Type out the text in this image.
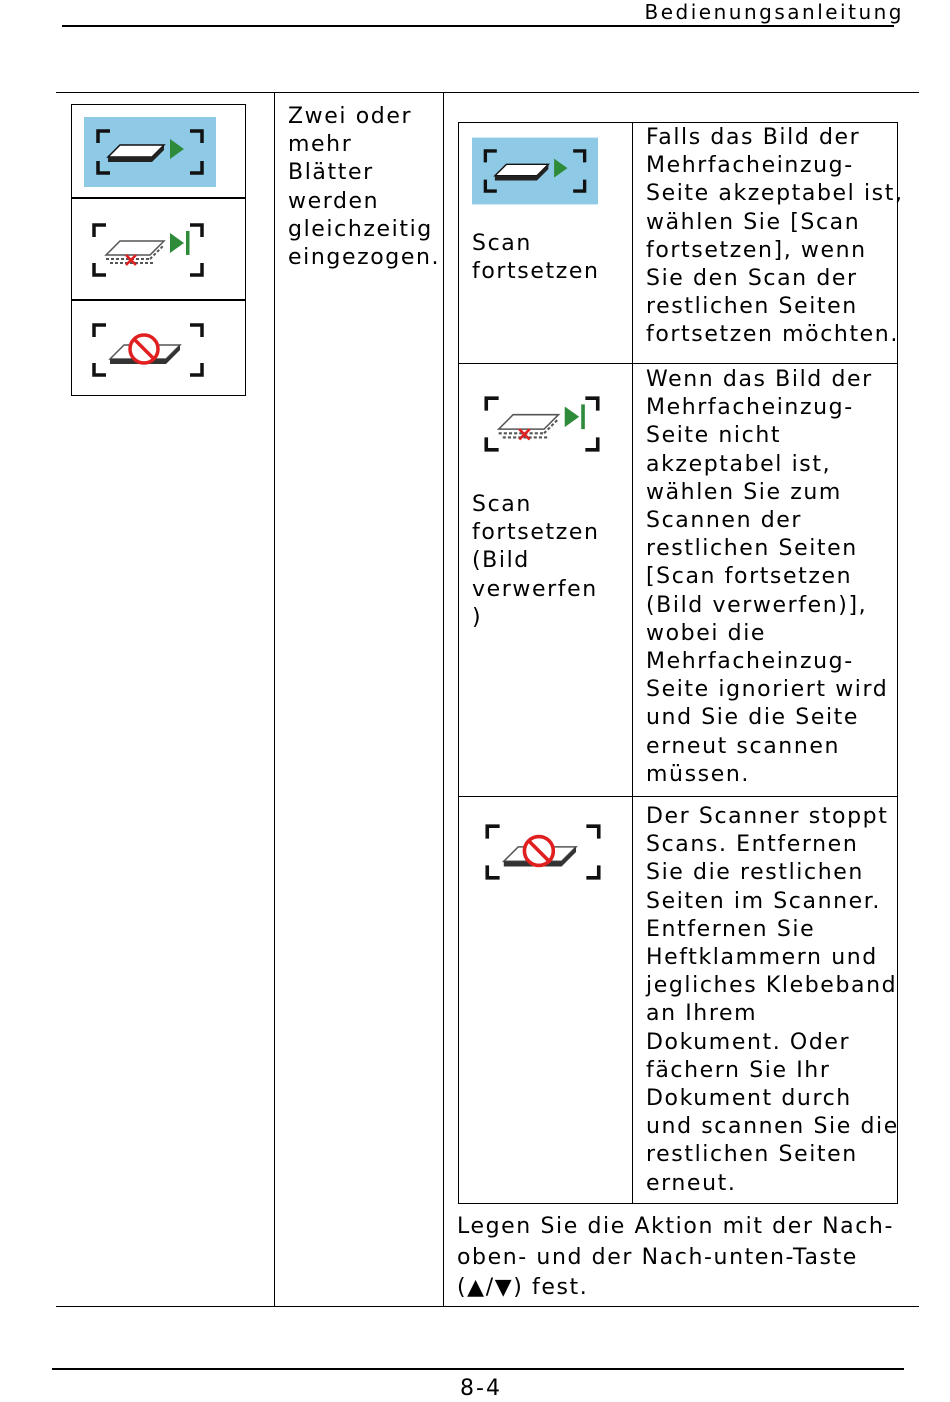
Bedienungsanleitung
Zwei oder
mehr
Blätter
werden
gleichzeitig
eingezogen.
Scan
fortsetzen
Falls das Bild der
Mehrfacheinzug-
Seite akzeptabel ist,
wählen Sie [Scan
fortsetzen], wenn
Sie den Scan der
restlichen Seiten
fortsetzen möchten.
Scan
fortsetzen
(Bild
verwerfen
)
Wenn das Bild der
Mehrfacheinzug-
Seite nicht
akzeptabel ist,
wählen Sie zum
Scannen der
restlichen Seiten
[Scan fortsetzen
(Bild verwerfen)],
wobei die
Mehrfacheinzug-
Seite ignoriert wird
und Sie die Seite
erneut scannen
müssen.
Der Scanner stoppt
Scans. Entfernen
Sie die restlichen
Seiten im Scanner.
Entfernen Sie
Heftklammern und
jegliches Klebeband
an Ihrem
Dokument. Oder
fächern Sie Ihr
Dokument durch
und scannen Sie die
restlichen Seiten
erneut.
Legen Sie die Aktion mit der Nach-
oben- und der Nach-unten-Taste
(▲/▼) fest.
8-4
